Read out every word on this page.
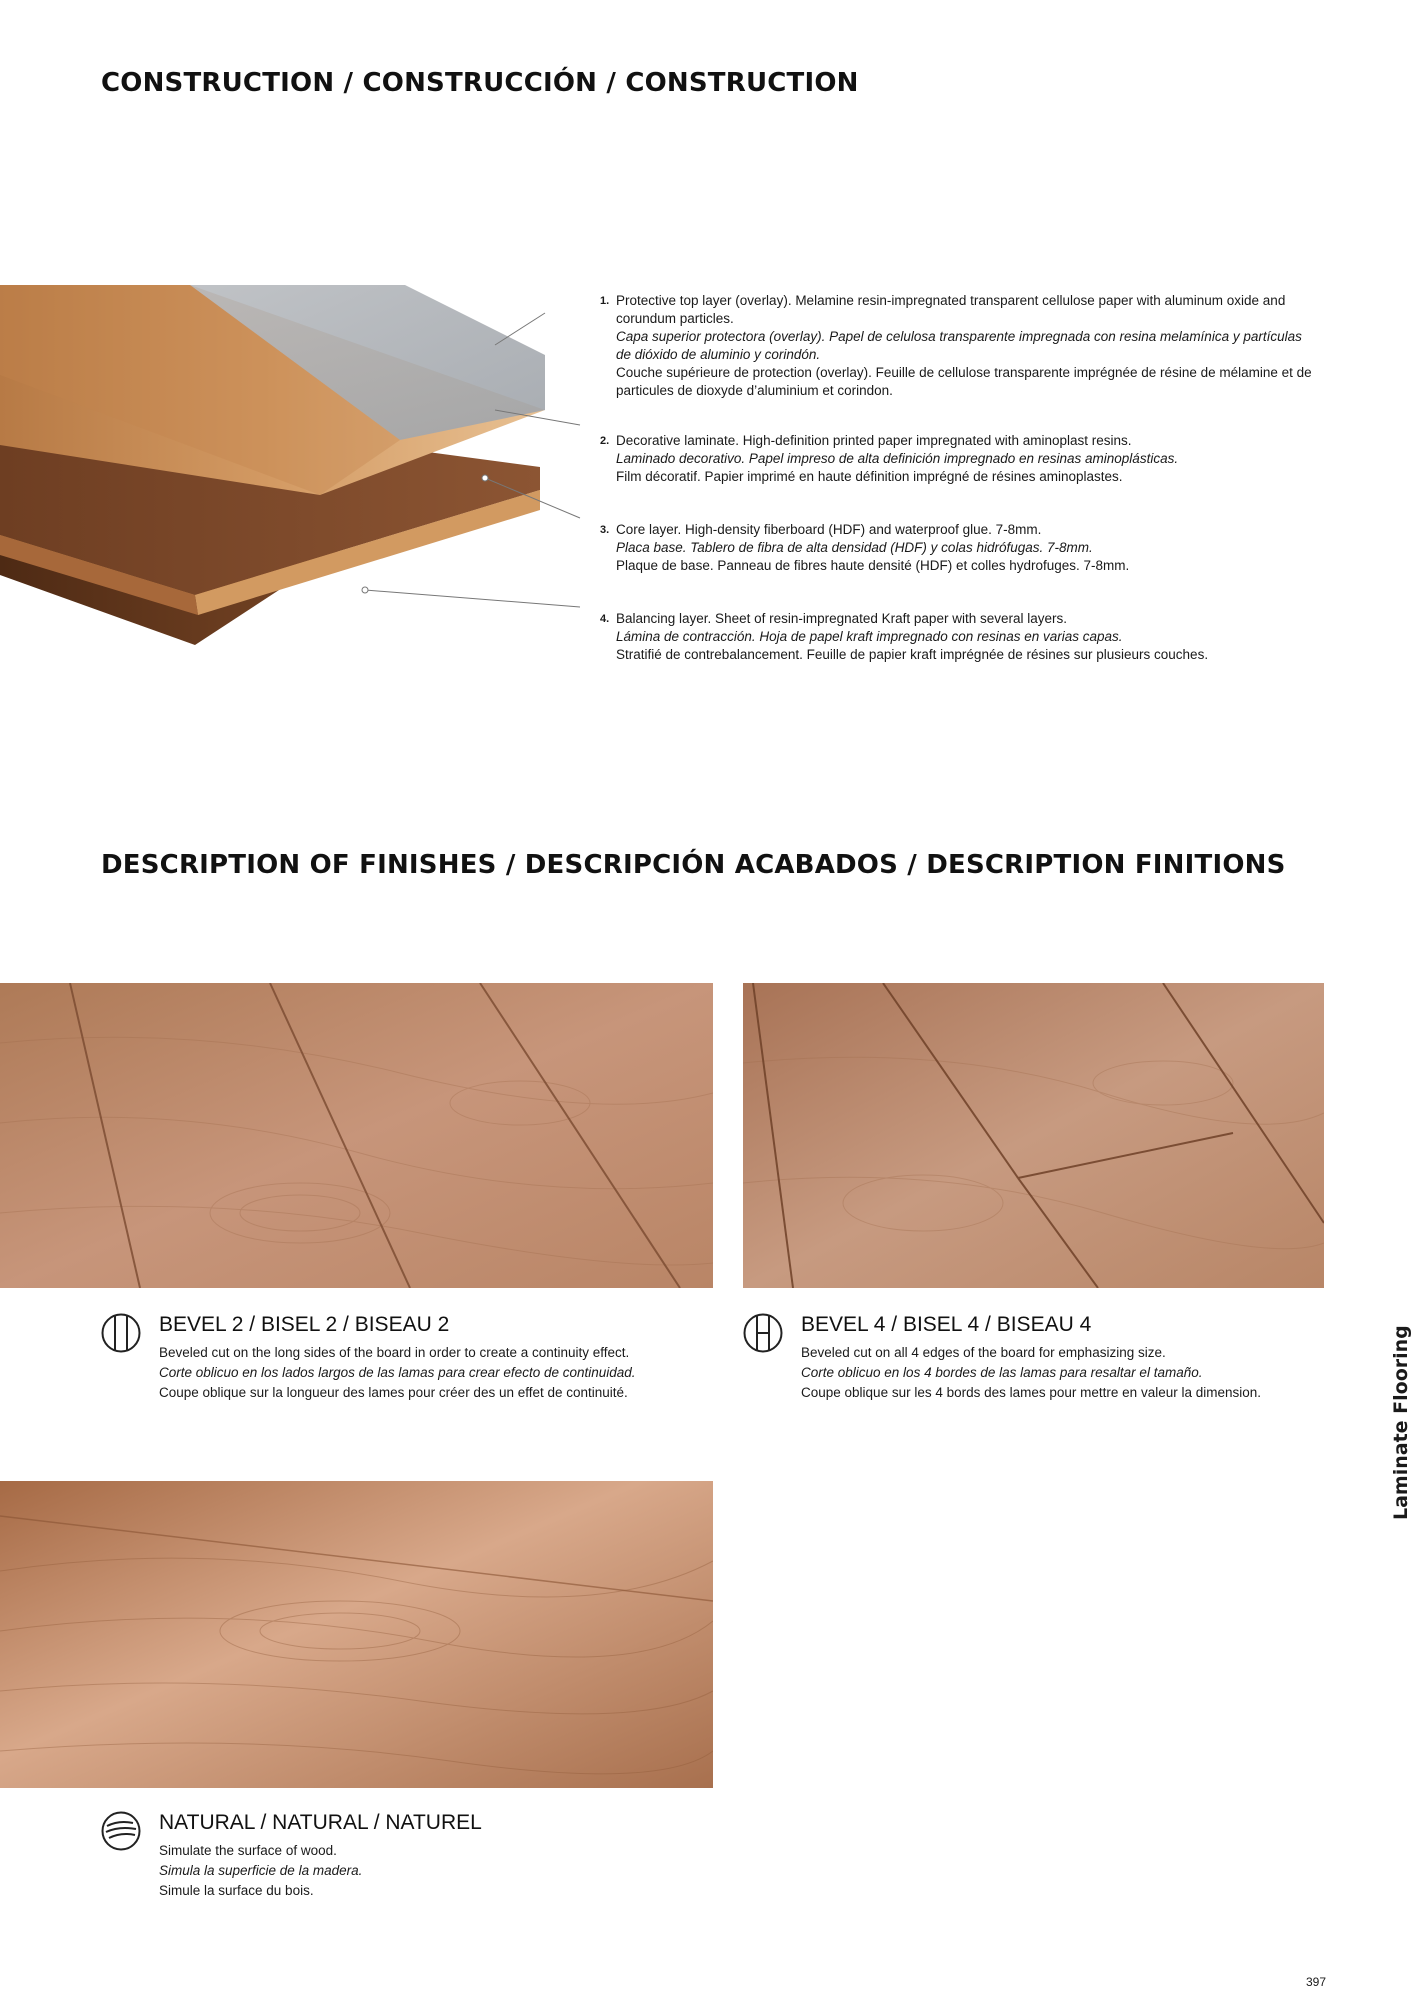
CONSTRUCTION / CONSTRUCCIÓN / CONSTRUCTION
1. Protective top layer (overlay). Melamine resin-impregnated transparent cellulose paper with aluminum oxide and corundum particles.

Capa superior protectora (overlay). Papel de celulosa transparente impregnada con resina melamínica y partículas de dióxido de aluminio y corindón.

Couche supérieure de protection (overlay). Feuille de cellulose transparente imprégnée de résine de mélamine et de particules de dioxyde d’aluminium et corindon.

2. Decorative laminate. High-definition printed paper impregnated with aminoplast resins.

Laminado decorativo. Papel impreso de alta definición impregnado en resinas aminoplásticas.

Film décoratif. Papier imprimé en haute définition imprégné de résines aminoplastes.

3. Core layer. High-density fiberboard (HDF) and waterproof glue. 7-8mm.

Placa base. Tablero de fibra de alta densidad (HDF) y colas hidrófugas. 7-8mm.

Plaque de base. Panneau de fibres haute densité (HDF) et colles hydrofuges. 7-8mm.

4. Balancing layer. Sheet of resin-impregnated Kraft paper with several layers.

Lámina de contracción. Hoja de papel kraft impregnado con resinas en varias capas.

Stratifié de contrebalancement. Feuille de papier kraft imprégnée de résines sur plusieurs couches.

DESCRIPTION OF FINISHES / DESCRIPCIÓN ACABADOS / DESCRIPTION FINITIONS
BEVEL 2 / BISEL 2 / BISEAU 2

Beveled cut on the long sides of the board in order to create a continuity effect.

Corte oblicuo en los lados largos de las lamas para crear efecto de continuidad.

Coupe oblique sur la longueur des lames pour créer des un effet de continuité.

BEVEL 4 / BISEL 4 / BISEAU 4

Beveled cut on all 4 edges of the board for emphasizing size.

Corte oblicuo en los 4 bordes de las lamas para resaltar el tamaño.

Coupe oblique sur les 4 bords des lames pour mettre en valeur la dimension.

NATURAL / NATURAL / NATUREL

Simulate the surface of wood.

Simula la superficie de la madera.

Simule la surface du bois.

Laminate Flooring
397
